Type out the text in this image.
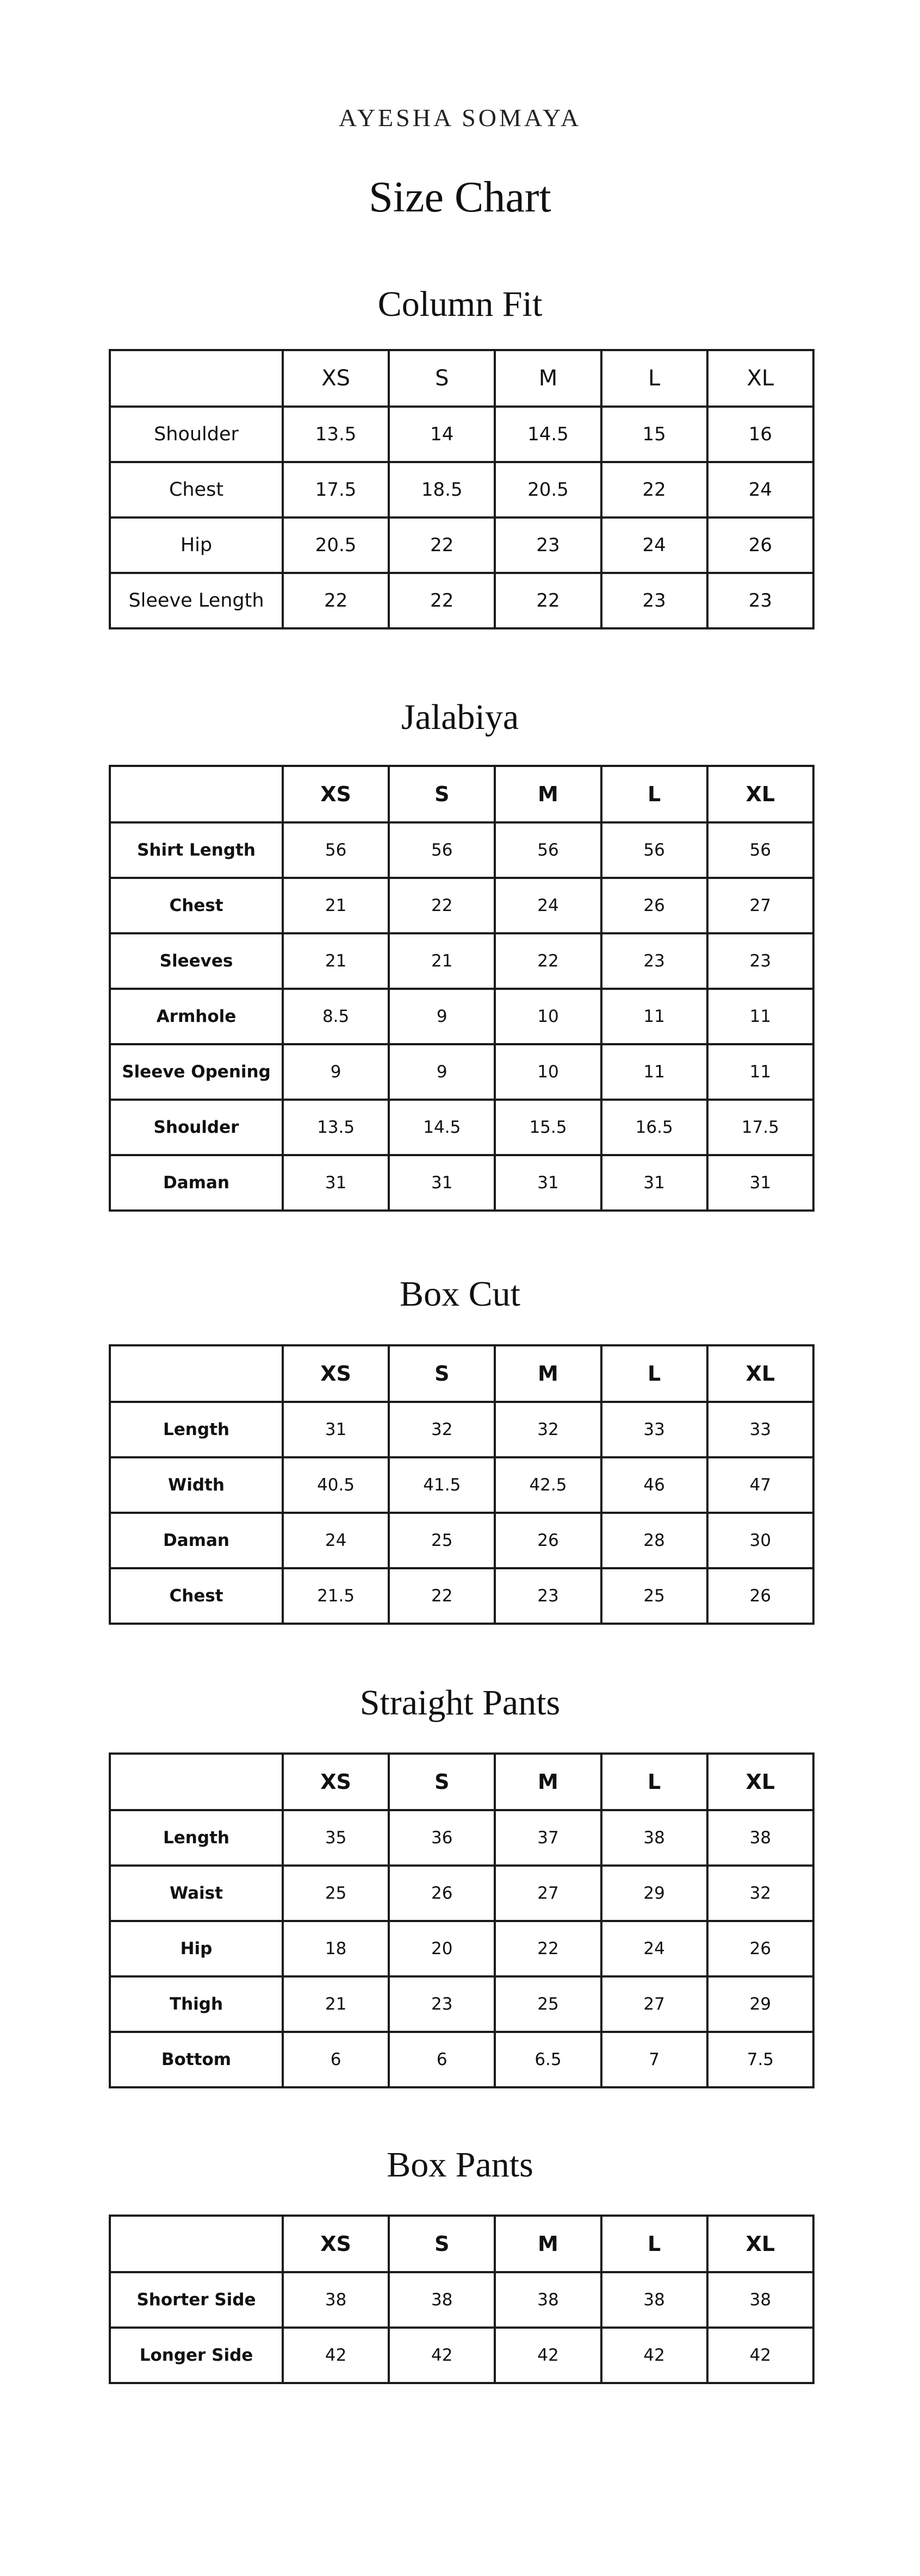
AYESHA SOMAYA
Size Chart
Column Fit
	XS	S	M	L	XL
Shoulder	13.5	14	14.5	15	16
Chest	17.5	18.5	20.5	22	24
Hip	20.5	22	23	24	26
Sleeve Length	22	22	22	23	23
Jalabiya
	XS	S	M	L	XL
Shirt Length	56	56	56	56	56
Chest	21	22	24	26	27
Sleeves	21	21	22	23	23
Armhole	8.5	9	10	11	11
Sleeve Opening	9	9	10	11	11
Shoulder	13.5	14.5	15.5	16.5	17.5
Daman	31	31	31	31	31
Box Cut
	XS	S	M	L	XL
Length	31	32	32	33	33
Width	40.5	41.5	42.5	46	47
Daman	24	25	26	28	30
Chest	21.5	22	23	25	26
Straight Pants
	XS	S	M	L	XL
Length	35	36	37	38	38
Waist	25	26	27	29	32
Hip	18	20	22	24	26
Thigh	21	23	25	27	29
Bottom	6	6	6.5	7	7.5
Box Pants
	XS	S	M	L	XL
Shorter Side	38	38	38	38	38
Longer Side	42	42	42	42	42
